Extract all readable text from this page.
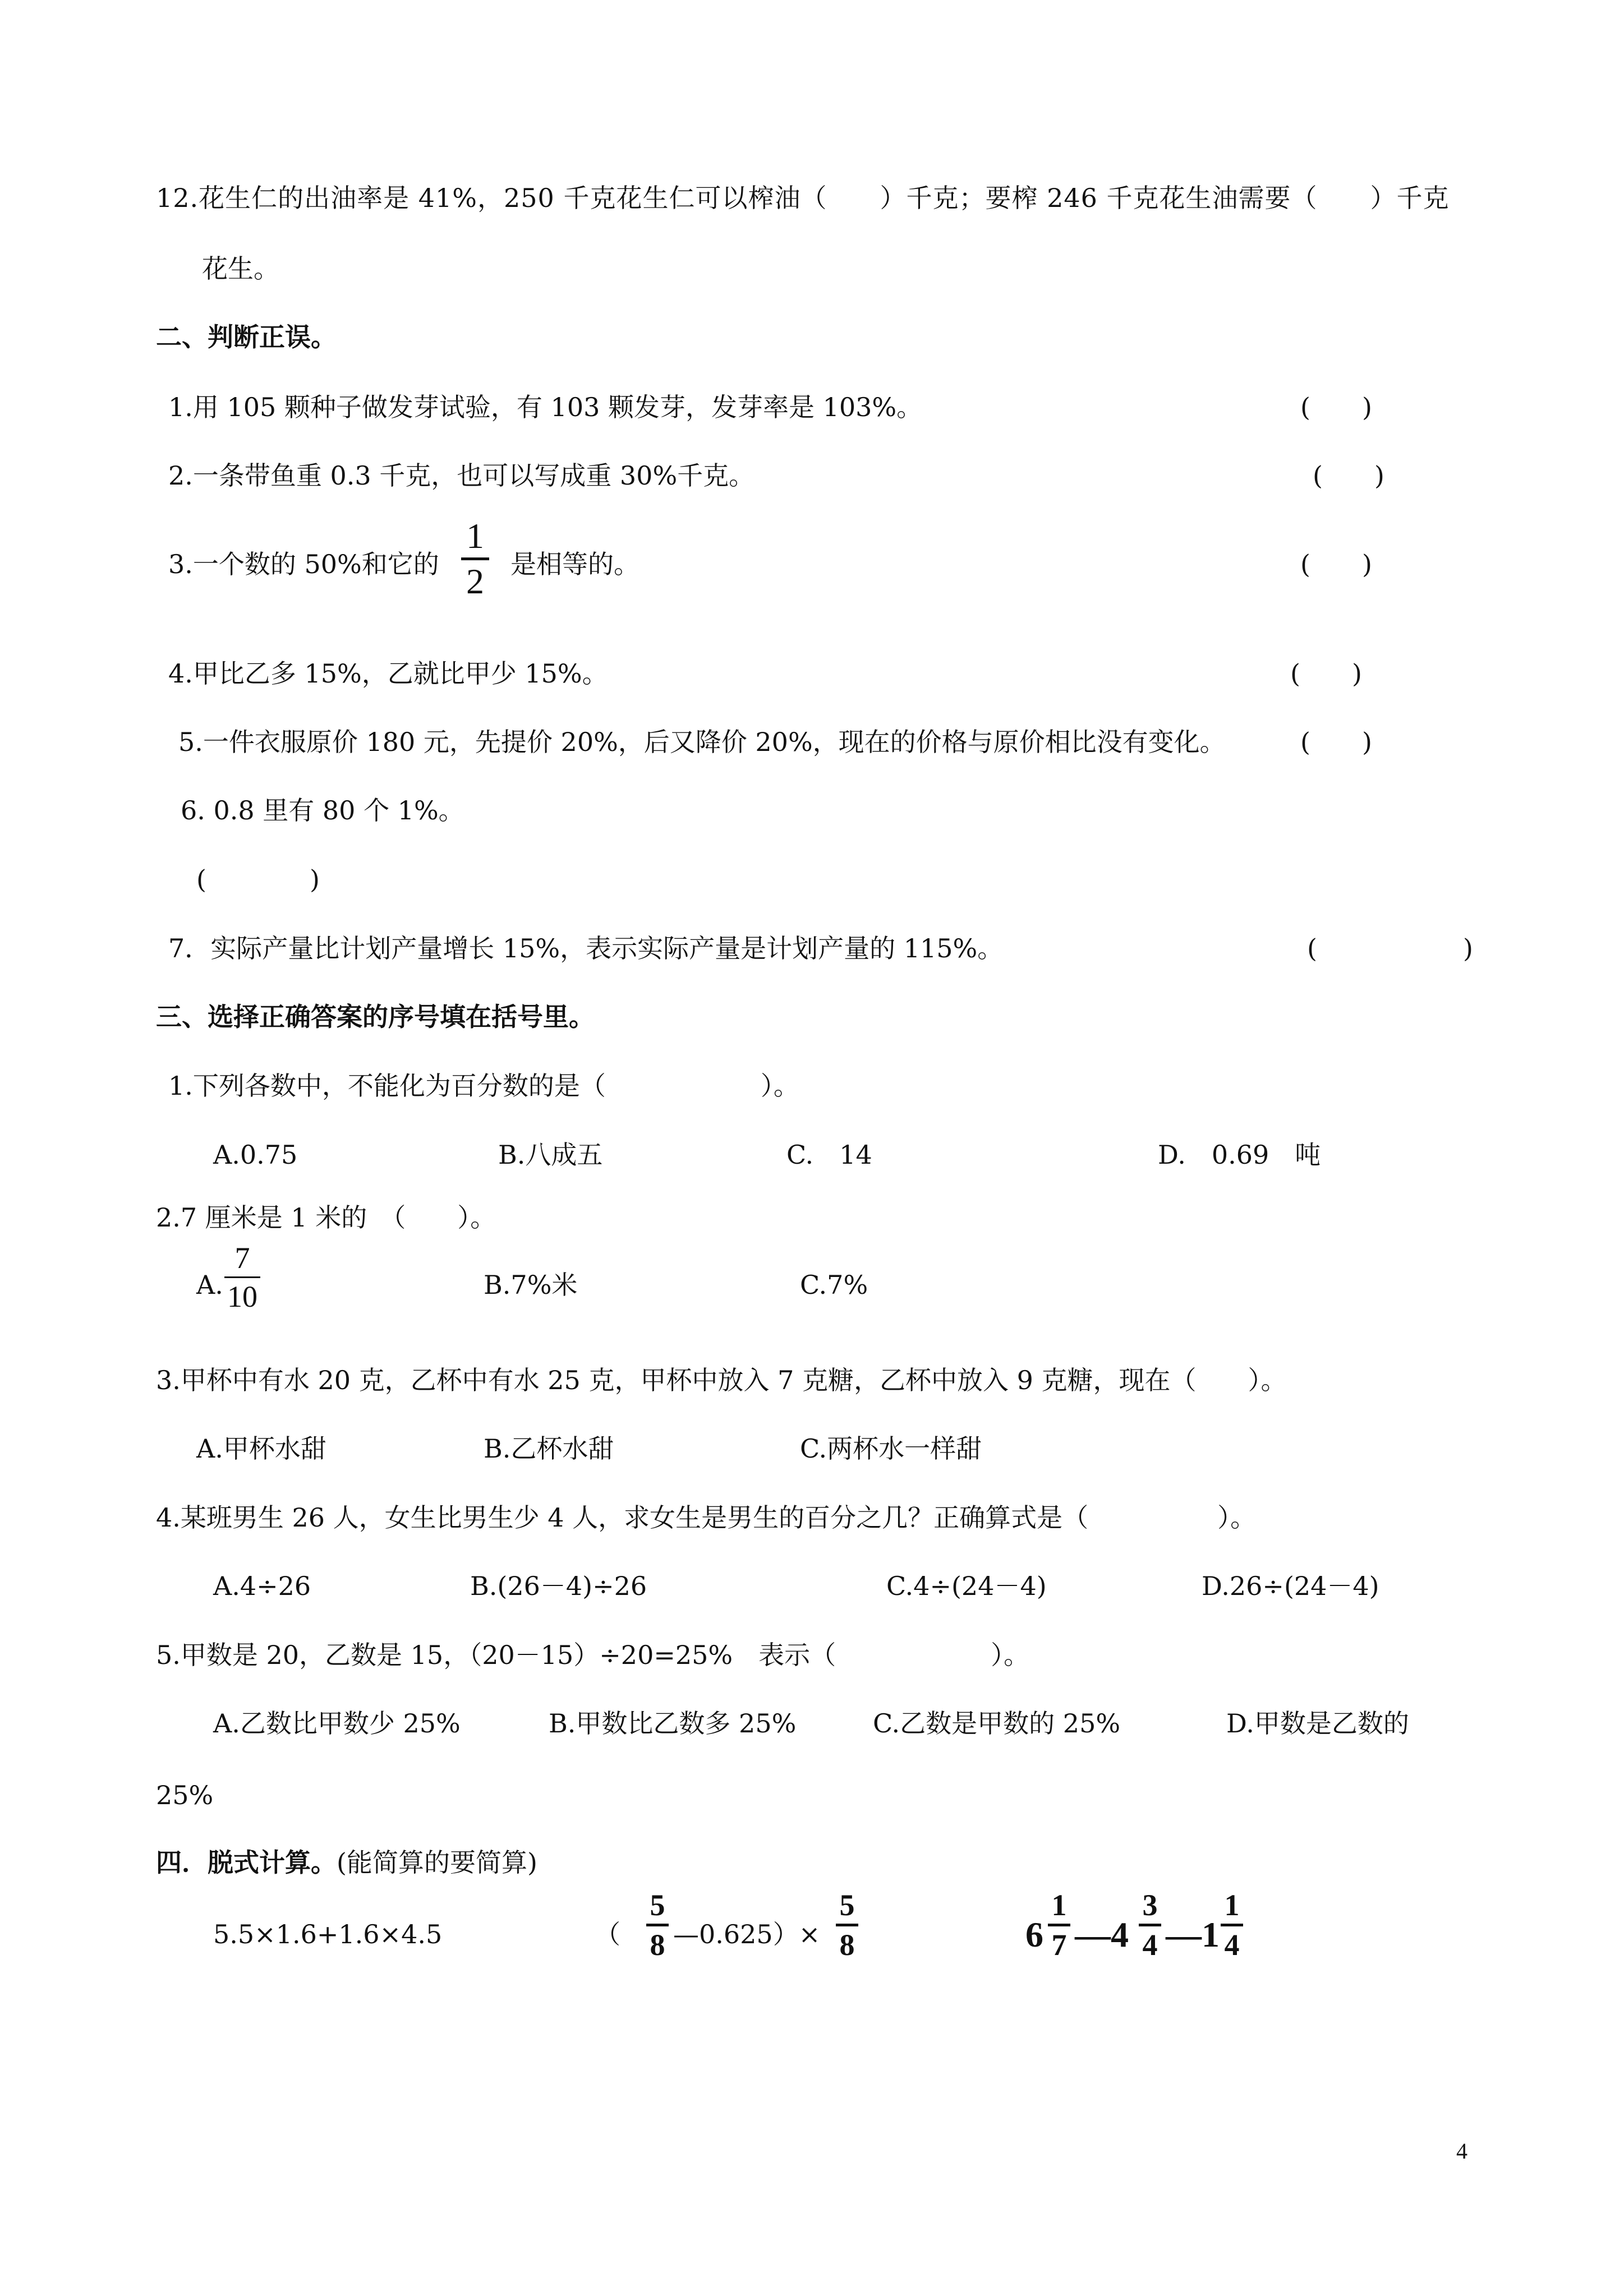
12.花生仁的出油率是 41%，250 千克花生仁可以榨油（　　）千克；要榨 246 千克花生油需要（　　）千克
花生。
二、判断正误。
1.用 105 颗种子做发芽试验，有 103 颗发芽，发芽率是 103%。	(　　)
2.一条带鱼重 0.3 千克，也可以写成重 30%千克。	(　　)
3.一个数的 50%和它的
1
2 是相等的。	(　　)
4.甲比乙多 15%，乙就比甲少 15%。	(　　)
5.一件衣服原价 180 元，先提价 20%，后又降价 20%，现在的价格与原价相比没有变化。	(　　)
6. 0.8 里有 80 个 1%。
(　　　　)
7．实际产量比计划产量增长 15%，表示实际产量是计划产量的 115%。	(	)
三、选择正确答案的序号填在括号里。
1.下列各数中，不能化为百分数的是（　　　　　　）。
A.0.75	B.八成五	C.　14	D.　0.69　吨
2.7 厘米是 1 米的　（　　）。
A.
7
10	B.7%米	C.7%
3.甲杯中有水 20 克，乙杯中有水 25 克，甲杯中放入 7 克糖，乙杯中放入 9 克糖，现在（　　）。
A.甲杯水甜	B.乙杯水甜	C.两杯水一样甜
4.某班男生 26 人，女生比男生少 4 人，求女生是男生的百分之几？正确算式是（　　　　　）。
A.4÷26	B.(26－4)÷26	C.4÷(24－4)	D.26÷(24－4)
5.甲数是 20，乙数是 15，（20－15）÷20=25%　表示（　　　　　　）。
A.乙数比甲数少 25%	B.甲数比乙数多 25%	C.乙数是甲数的 25%	D.甲数是乙数的
25%
四．脱式计算。(能简算的要简算)
5.5×1.6+1.6×4.5	（
5
8 —0.625）×
5
8	6
1
7 —4
3
4 —1
1
4
4
